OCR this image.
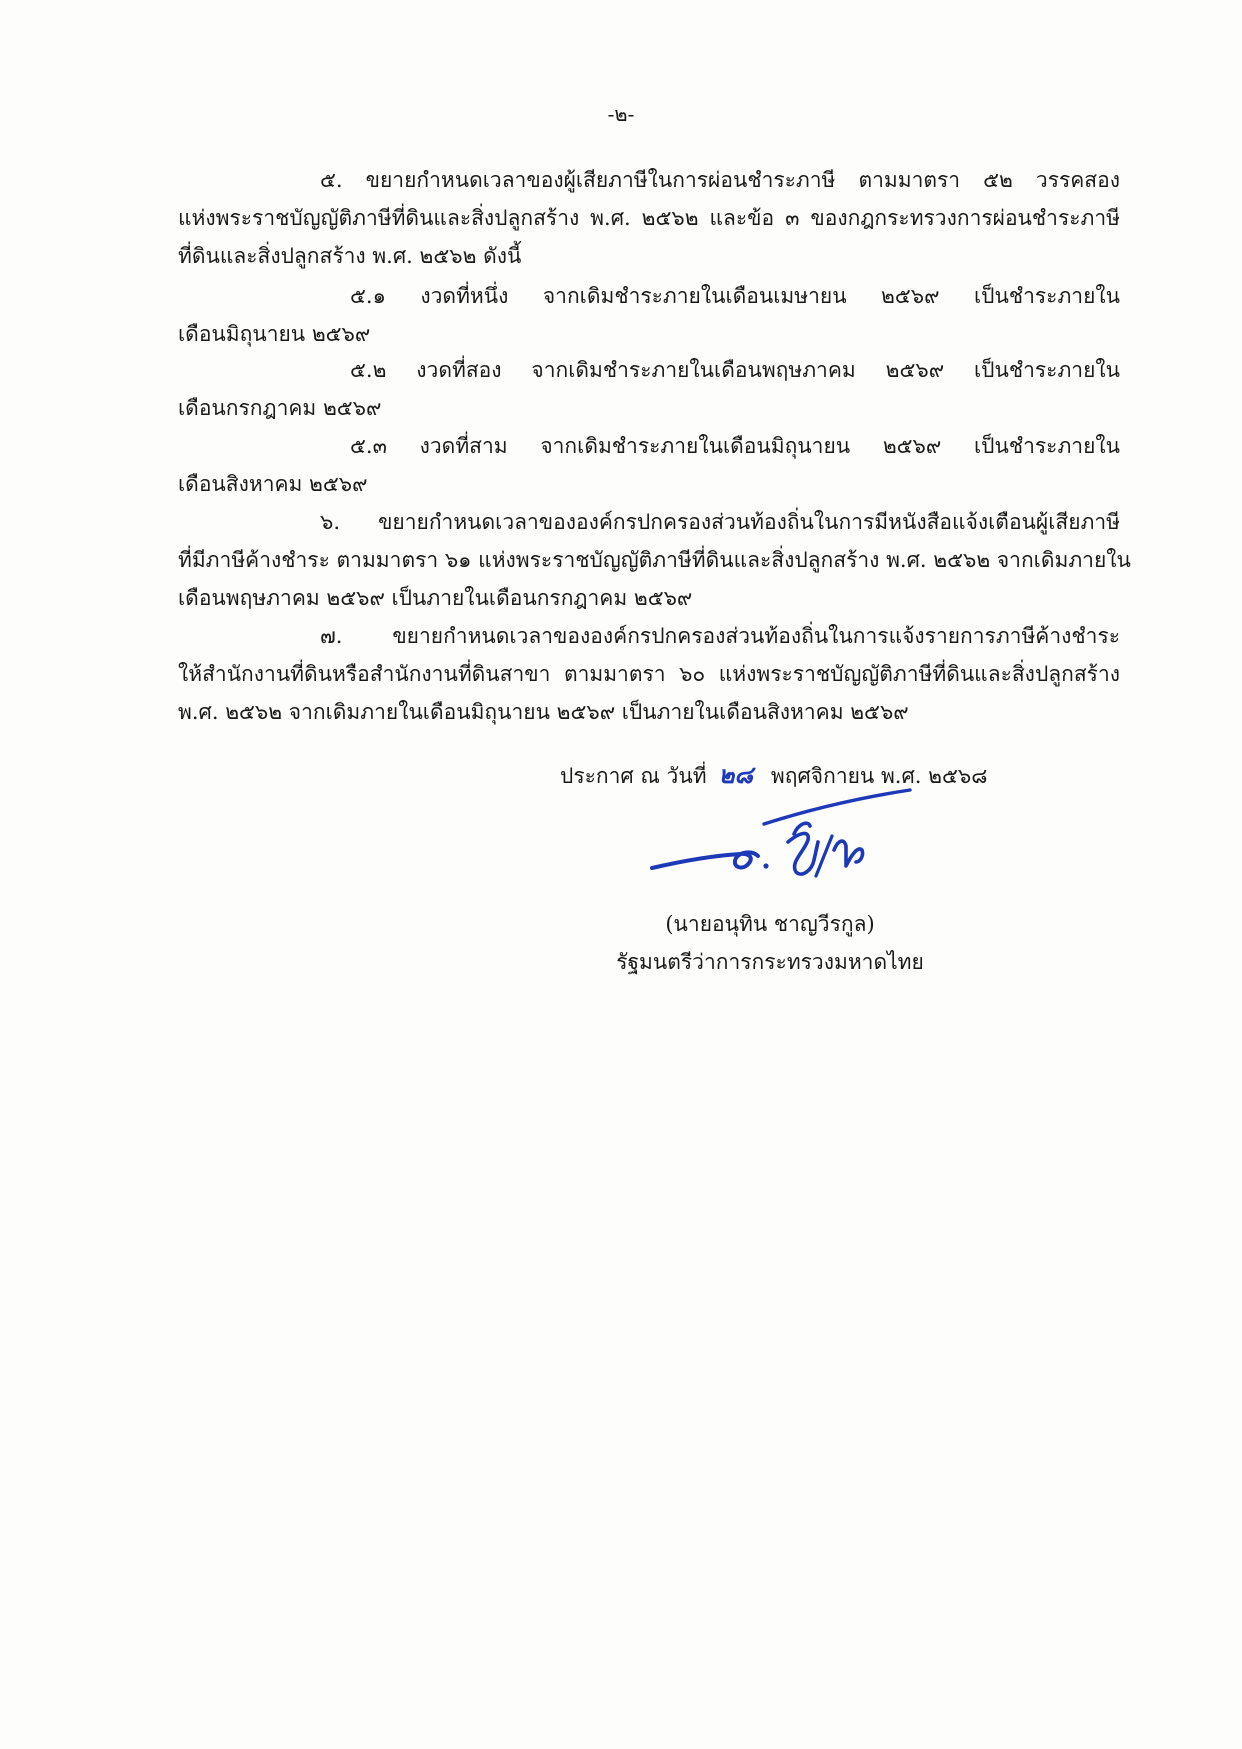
-๒-
๕. ขยายกำหนดเวลาของผู้เสียภาษีในการผ่อนชำระภาษี ตามมาตรา ๕๒ วรรคสอง
แห่งพระราชบัญญัติภาษีที่ดินและสิ่งปลูกสร้าง พ.ศ. ๒๕๖๒ และข้อ ๓ ของกฎกระทรวงการผ่อนชำระภาษี
ที่ดินและสิ่งปลูกสร้าง พ.ศ. ๒๕๖๒ ดังนี้
๕.๑ งวดที่หนึ่ง จากเดิมชำระภายในเดือนเมษายน ๒๕๖๙ เป็นชำระภายใน
เดือนมิถุนายน ๒๕๖๙
๕.๒ งวดที่สอง จากเดิมชำระภายในเดือนพฤษภาคม ๒๕๖๙ เป็นชำระภายใน
เดือนกรกฎาคม ๒๕๖๙
๕.๓ งวดที่สาม จากเดิมชำระภายในเดือนมิถุนายน ๒๕๖๙ เป็นชำระภายใน
เดือนสิงหาคม ๒๕๖๙
๖. ขยายกำหนดเวลาขององค์กรปกครองส่วนท้องถิ่นในการมีหนังสือแจ้งเตือนผู้เสียภาษี
ที่มีภาษีค้างชำระ ตามมาตรา ๖๑ แห่งพระราชบัญญัติภาษีที่ดินและสิ่งปลูกสร้าง พ.ศ. ๒๕๖๒ จากเดิมภายใน
เดือนพฤษภาคม ๒๕๖๙ เป็นภายในเดือนกรกฎาคม ๒๕๖๙
๗. ขยายกำหนดเวลาขององค์กรปกครองส่วนท้องถิ่นในการแจ้งรายการภาษีค้างชำระ
ให้สำนักงานที่ดินหรือสำนักงานที่ดินสาขา ตามมาตรา ๖๐ แห่งพระราชบัญญัติภาษีที่ดินและสิ่งปลูกสร้าง
พ.ศ. ๒๕๖๒ จากเดิมภายในเดือนมิถุนายน ๒๕๖๙ เป็นภายในเดือนสิงหาคม ๒๕๖๙
ประกาศ ณ วันที่ ๒๘ พฤศจิกายน พ.ศ. ๒๕๖๘
(นายอนุทิน ชาญวีรกูล)
รัฐมนตรีว่าการกระทรวงมหาดไทย
